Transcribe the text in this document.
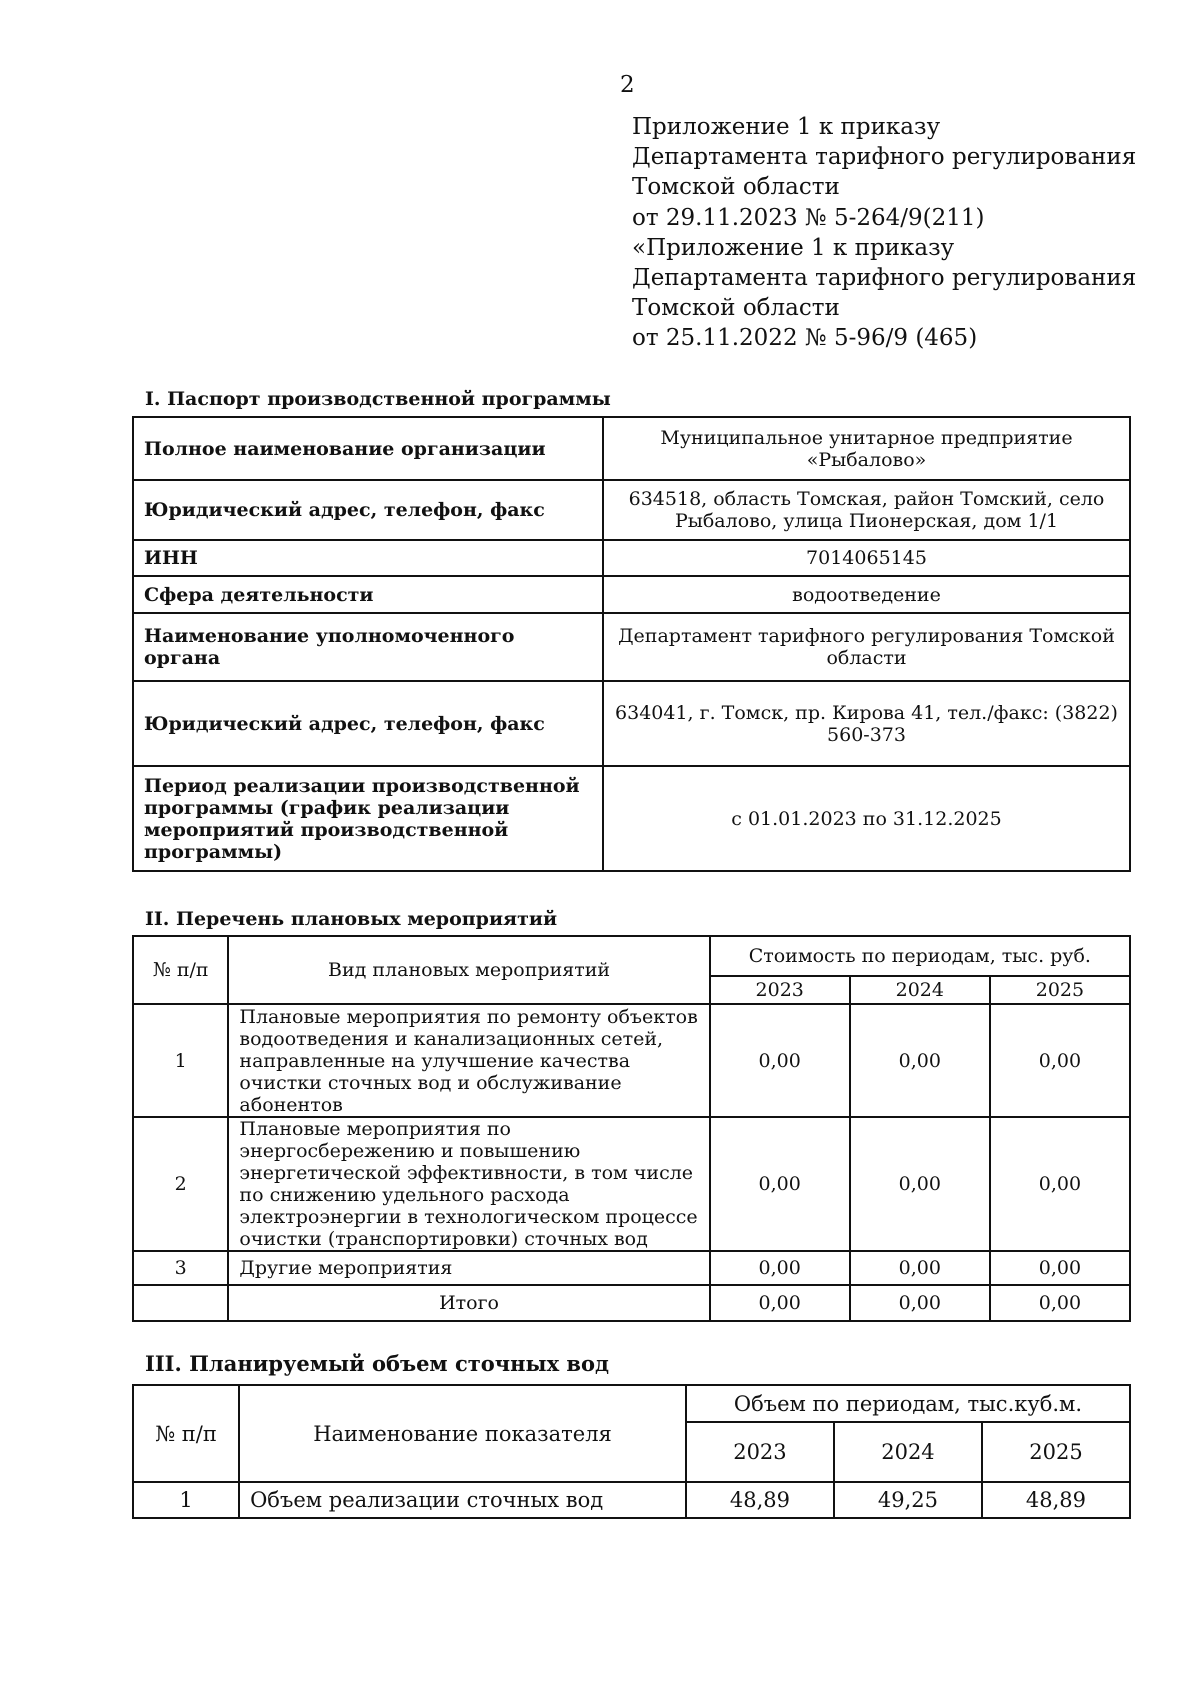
2
Приложение 1 к приказу
Департамента тарифного регулирования
Томской области
от 29.11.2023 № 5-264/9(211)
«Приложение 1 к приказу
Департамента тарифного регулирования
Томской области
от 25.11.2022 № 5-96/9 (465)
I. Паспорт производственной программы
Полное наименование организации	Муниципальное унитарное предприятие «Рыбалово»
Юридический адрес, телефон, факс	634518, область Томская, район Томский, село Рыбалово, улица Пионерская, дом 1/1
ИНН	7014065145
Сфера деятельности	водоотведение
Наименование уполномоченного органа	Департамент тарифного регулирования Томской области
Юридический адрес, телефон, факс	634041, г. Томск, пр. Кирова 41, тел./факс: (3822) 560-373
Период реализации производственной программы (график реализации мероприятий производственной программы)	с 01.01.2023 по 31.12.2025
II. Перечень плановых мероприятий
№ п/п	Вид плановых мероприятий	Стоимость по периодам, тыс. руб.		
		2023	2024	2025
1	Плановые мероприятия по ремонту объектов водоотведения и канализационных сетей, направленные на улучшение качества очистки сточных вод и обслуживание абонентов	0,00	0,00	0,00
2	Плановые мероприятия по энергосбережению и повышению энергетической эффективности, в том числе по снижению удельного расхода электроэнергии в технологическом процессе очистки (транспортировки) сточных вод	0,00	0,00	0,00
3	Другие мероприятия	0,00	0,00	0,00
	Итого	0,00	0,00	0,00
III. Планируемый объем сточных вод
№ п/п	Наименование показателя	Объем по периодам, тыс.куб.м.		
		2023	2024	2025
1	Объем реализации сточных вод	48,89	49,25	48,89
